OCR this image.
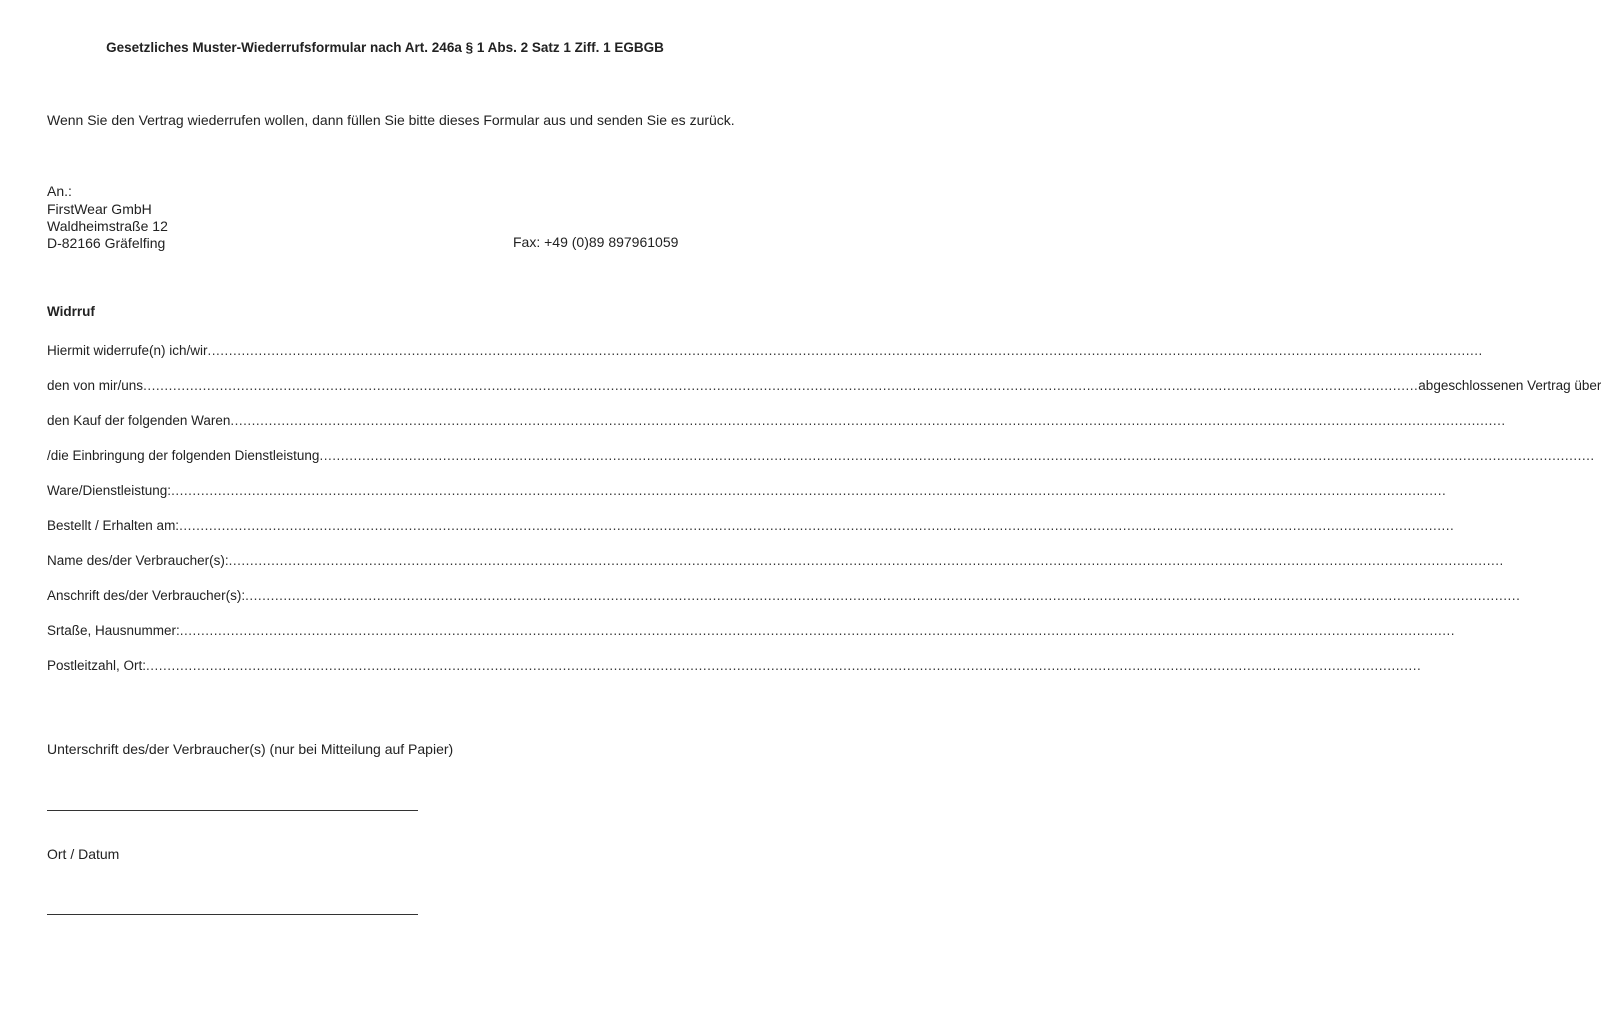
Gesetzliches Muster-Wiederrufsformular nach Art. 246a § 1 Abs. 2 Satz 1 Ziff. 1 EGBGB
Wenn Sie den Vertrag wiederrufen wollen, dann füllen Sie bitte dieses Formular aus und senden Sie es zurück.
An.:
FirstWear GmbH
Waldheimstraße 12
D-82166 Gräfelfing	Fax: +49 (0)89 897961059
Widrruf
Hiermit widerrufe(n) ich/wir ............................................................................................................................................................................................................................................................................................................
den von mir/uns ............................................................................................................................................................................................................................................................................................................ abgeschlossenen Vertrag über
den Kauf der folgenden Waren ............................................................................................................................................................................................................................................................................................................
/die Einbringung der folgenden Dienstleistung ............................................................................................................................................................................................................................................................................................................
Ware/Dienstleistung: ............................................................................................................................................................................................................................................................................................................
Bestellt / Erhalten am: ............................................................................................................................................................................................................................................................................................................
Name des/der Verbraucher(s): ............................................................................................................................................................................................................................................................................................................
Anschrift des/der Verbraucher(s): ............................................................................................................................................................................................................................................................................................................
Srtaße, Hausnummer: ............................................................................................................................................................................................................................................................................................................
Postleitzahl, Ort: ............................................................................................................................................................................................................................................................................................................
Unterschrift des/der Verbraucher(s) (nur bei Mitteilung auf Papier)
Ort / Datum
